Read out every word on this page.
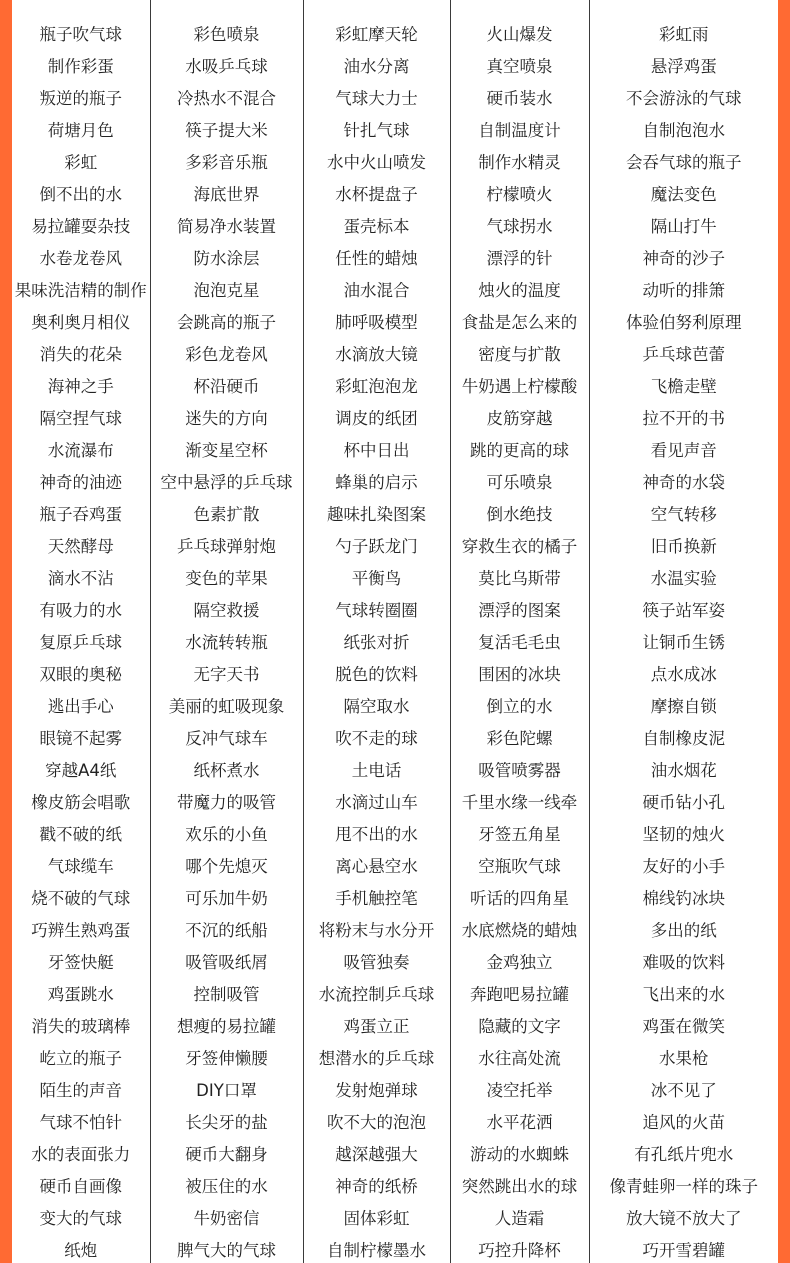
瓶子吹气球	彩色喷泉	彩虹摩天轮	火山爆发	彩虹雨
制作彩蛋	水吸乒乓球	油水分离	真空喷泉	悬浮鸡蛋
叛逆的瓶子	冷热水不混合	气球大力士	硬币装水	不会游泳的气球
荷塘月色	筷子提大米	针扎气球	自制温度计	自制泡泡水
彩虹	多彩音乐瓶	水中火山喷发	制作水精灵	会吞气球的瓶子
倒不出的水	海底世界	水杯提盘子	柠檬喷火	魔法变色
易拉罐耍杂技	简易净水装置	蛋壳标本	气球拐水	隔山打牛
水卷龙卷风	防水涂层	任性的蜡烛	漂浮的针	神奇的沙子
果味洗洁精的制作	泡泡克星	油水混合	烛火的温度	动听的排箫
奥利奥月相仪	会跳高的瓶子	肺呼吸模型	食盐是怎么来的	体验伯努利原理
消失的花朵	彩色龙卷风	水滴放大镜	密度与扩散	乒乓球芭蕾
海神之手	杯沿硬币	彩虹泡泡龙	牛奶遇上柠檬酸	飞檐走壁
隔空捏气球	迷失的方向	调皮的纸团	皮筋穿越	拉不开的书
水流瀑布	渐变星空杯	杯中日出	跳的更高的球	看见声音
神奇的油迹	空中悬浮的乒乓球	蜂巢的启示	可乐喷泉	神奇的水袋
瓶子吞鸡蛋	色素扩散	趣味扎染图案	倒水绝技	空气转移
天然酵母	乒乓球弹射炮	勺子跃龙门	穿救生衣的橘子	旧币换新
滴水不沾	变色的苹果	平衡鸟	莫比乌斯带	水温实验
有吸力的水	隔空救援	气球转圈圈	漂浮的图案	筷子站军姿
复原乒乓球	水流转转瓶	纸张对折	复活毛毛虫	让铜币生锈
双眼的奥秘	无字天书	脱色的饮料	围困的冰块	点水成冰
逃出手心	美丽的虹吸现象	隔空取水	倒立的水	摩擦自锁
眼镜不起雾	反冲气球车	吹不走的球	彩色陀螺	自制橡皮泥
穿越A4纸	纸杯煮水	土电话	吸管喷雾器	油水烟花
橡皮筋会唱歌	带魔力的吸管	水滴过山车	千里水缘一线牵	硬币钻小孔
戳不破的纸	欢乐的小鱼	甩不出的水	牙签五角星	坚韧的烛火
气球缆车	哪个先熄灭	离心悬空水	空瓶吹气球	友好的小手
烧不破的气球	可乐加牛奶	手机触控笔	听话的四角星	棉线钓冰块
巧辨生熟鸡蛋	不沉的纸船	将粉末与水分开	水底燃烧的蜡烛	多出的纸
牙签快艇	吸管吸纸屑	吸管独奏	金鸡独立	难吸的饮料
鸡蛋跳水	控制吸管	水流控制乒乓球	奔跑吧易拉罐	飞出来的水
消失的玻璃棒	想瘦的易拉罐	鸡蛋立正	隐藏的文字	鸡蛋在微笑
屹立的瓶子	牙签伸懒腰	想潜水的乒乓球	水往高处流	水果枪
陌生的声音	DIY口罩	发射炮弹球	凌空托举	冰不见了
气球不怕针	长尖牙的盐	吹不大的泡泡	水平花洒	追风的火苗
水的表面张力	硬币大翻身	越深越强大	游动的水蜘蛛	有孔纸片兜水
硬币自画像	被压住的水	神奇的纸桥	突然跳出水的球	像青蛙卵一样的珠子
变大的气球	牛奶密信	固体彩虹	人造霜	放大镜不放大了
纸炮	脾气大的气球	自制柠檬墨水	巧控升降杯	巧开雪碧罐
